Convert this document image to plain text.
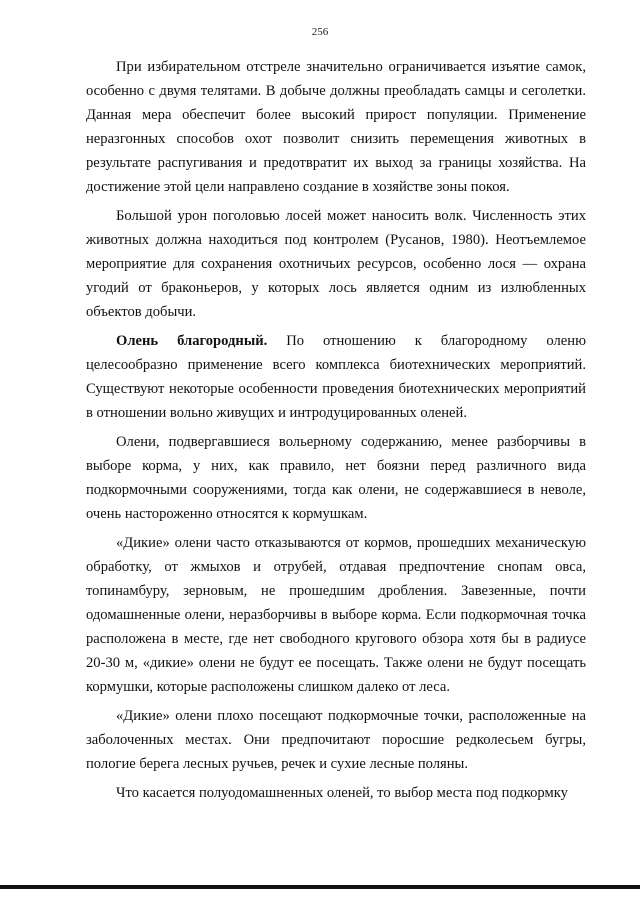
256

При избирательном отстреле значительно ограничивается изъятие самок, особенно с двумя телятами. В добыче должны преобладать самцы и сеголетки. Данная мера обеспечит более высокий прирост популяции. Применение неразгонных способов охот позволит снизить перемещения животных в результате распугивания и предотвратит их выход за границы хозяйства. На достижение этой цели направлено создание в хозяйстве зоны покоя.

Большой урон поголовью лосей может наносить волк. Численность этих животных должна находиться под контролем (Русанов, 1980). Неотъемлемое мероприятие для сохранения охотничьих ресурсов, особенно лося — охрана угодий от браконьеров, у которых лось является одним из излюбленных объектов добычи.

Олень благородный. По отношению к благородному оленю целесообразно применение всего комплекса биотехнических мероприятий. Существуют некоторые особенности проведения биотехнических мероприятий в отношении вольно живущих и интродуцированных оленей.

Олени, подвергавшиеся вольерному содержанию, менее разборчивы в выборе корма, у них, как правило, нет боязни перед различного вида подкормочными сооружениями, тогда как олени, не содержавшиеся в неволе, очень настороженно относятся к кормушкам.

«Дикие» олени часто отказываются от кормов, прошедших механическую обработку, от жмыхов и отрубей, отдавая предпочтение снопам овса, топинамбуру, зерновым, не прошедшим дробления. Завезенные, почти одомашненные олени, неразборчивы в выборе корма. Если подкормочная точка расположена в месте, где нет свободного кругового обзора хотя бы в радиусе 20-30 м, «дикие» олени не будут ее посещать. Также олени не будут посещать кормушки, которые расположены слишком далеко от леса.

«Дикие» олени плохо посещают подкормочные точки, расположенные на заболоченных местах. Они предпочитают поросшие редколесьем бугры, пологие берега лесных ручьев, речек и сухие лесные поляны.

Что касается полуодомашненных оленей, то выбор места под подкормку
